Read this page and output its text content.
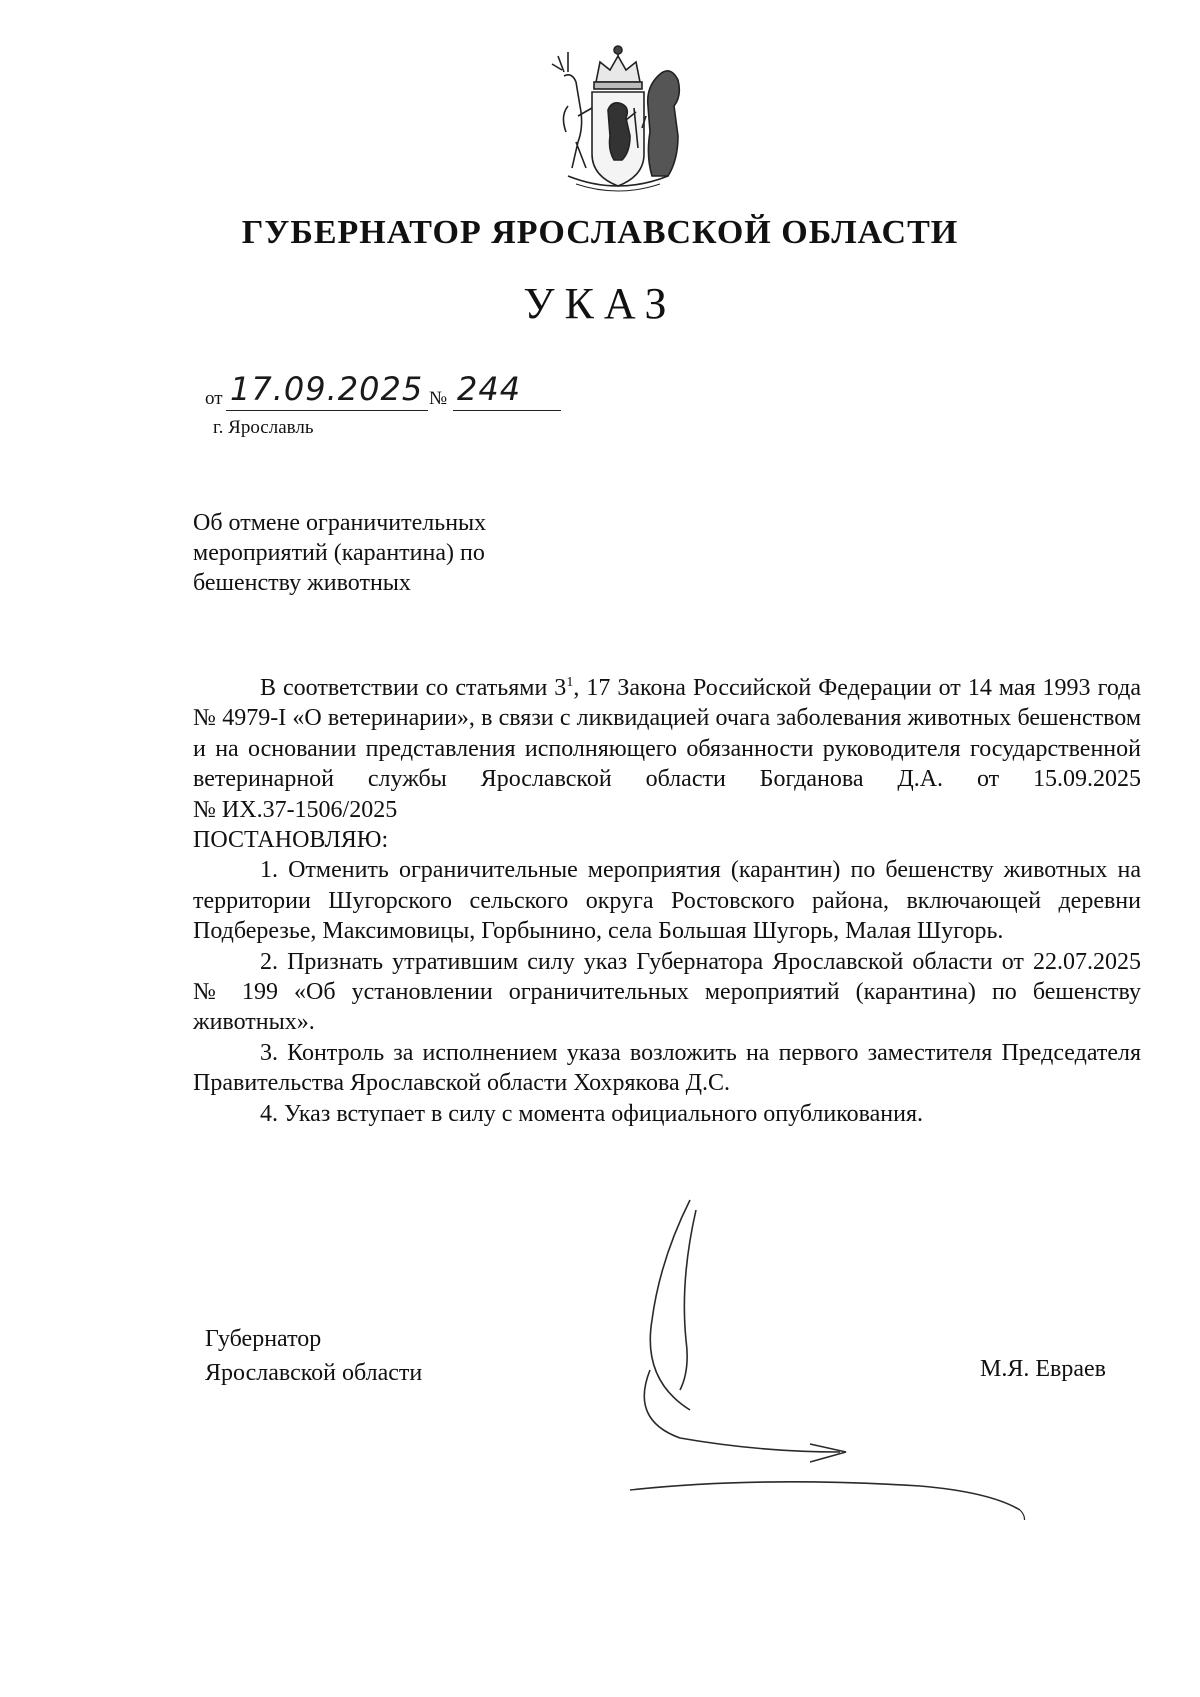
ГУБЕРНАТОР ЯРОСЛАВСКОЙ ОБЛАСТИ
УКАЗ
от 17.09.2025 № 244
г. Ярославль
Об отмене ограничительных
мероприятий (карантина) по
бешенству животных

В соответствии со статьями $3^1$, 17 Закона Российской Федерации от 14 мая 1993 года № 4979-I «О ветеринарии», в связи с ликвидацией очага заболевания животных бешенством и на основании представления исполняющего обязанности руководителя государственной ветеринарной службы Ярославской области Богданова Д.А. от 15.09.2025

№ ИХ.37-1506/2025

ПОСТАНОВЛЯЮ:

1. Отменить ограничительные мероприятия (карантин) по бешенству животных на территории Шугорского сельского округа Ростовского района, включающей деревни Подберезье, Максимовицы, Горбынино, села Большая Шугорь, Малая Шугорь.

2. Признать утратившим силу указ Губернатора Ярославской области от 22.07.2025 № 199 «Об установлении ограничительных мероприятий (карантина) по бешенству животных».

3. Контроль за исполнением указа возложить на первого заместителя Председателя Правительства Ярославской области Хохрякова Д.С.

4. Указ вступает в силу с момента официального опубликования.

Губернатор
Ярославской области	М.Я. Евраев
